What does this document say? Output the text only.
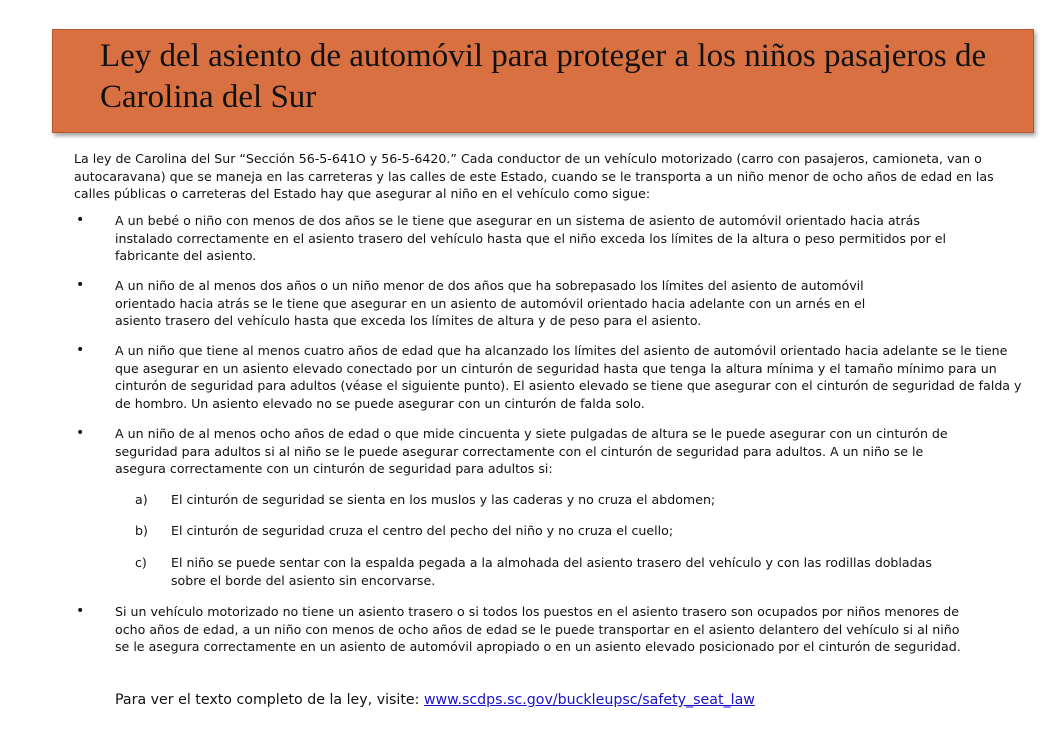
Ley del asiento de automóvil para proteger a los niños pasajeros de Carolina del Sur

La ley de Carolina del Sur “Sección 56-5-641O y 56-5-6420.” Cada conductor de un vehículo motorizado (carro con pasajeros, camioneta, van o autocaravana) que se maneja en las carreteras y las calles de este Estado, cuando se le transporta a un niño menor de ocho años de edad en las calles públicas o carreteras del Estado hay que asegurar al niño en el vehículo como sigue:

• A un bebé o niño con menos de dos años se le tiene que asegurar en un sistema de asiento de automóvil orientado hacia atrás instalado correctamente en el asiento trasero del vehículo hasta que el niño exceda los límites de la altura o peso permitidos por el fabricante del asiento.

• A un niño de al menos dos años o un niño menor de dos años que ha sobrepasado los límites del asiento de automóvil orientado hacia atrás se le tiene que asegurar en un asiento de automóvil orientado hacia adelante con un arnés en el asiento trasero del vehículo hasta que exceda los límites de altura y de peso para el asiento.

• A un niño que tiene al menos cuatro años de edad que ha alcanzado los límites del asiento de automóvil orientado hacia adelante se le tiene que asegurar en un asiento elevado conectado por un cinturón de seguridad hasta que tenga la altura mínima y el tamaño mínimo para un cinturón de seguridad para adultos (véase el siguiente punto). El asiento elevado se tiene que asegurar con el cinturón de seguridad de falda y de hombro. Un asiento elevado no se puede asegurar con un cinturón de falda solo.

• A un niño de al menos ocho años de edad o que mide cincuenta y siete pulgadas de altura se le puede asegurar con un cinturón de seguridad para adultos si al niño se le puede asegurar correctamente con el cinturón de seguridad para adultos. A un niño se le asegura correctamente con un cinturón de seguridad para adultos si:

a) El cinturón de seguridad se sienta en los muslos y las caderas y no cruza el abdomen;

b) El cinturón de seguridad cruza el centro del pecho del niño y no cruza el cuello;

c) El niño se puede sentar con la espalda pegada a la almohada del asiento trasero del vehículo y con las rodillas dobladas sobre el borde del asiento sin encorvarse.

• Si un vehículo motorizado no tiene un asiento trasero o si todos los puestos en el asiento trasero son ocupados por niños menores de ocho años de edad, a un niño con menos de ocho años de edad se le puede transportar en el asiento delantero del vehículo si al niño se le asegura correctamente en un asiento de automóvil apropiado o en un asiento elevado posicionado por el cinturón de seguridad.

Para ver el texto completo de la ley, visite: www.scdps.sc.gov/buckleupsc/safety_seat_law
